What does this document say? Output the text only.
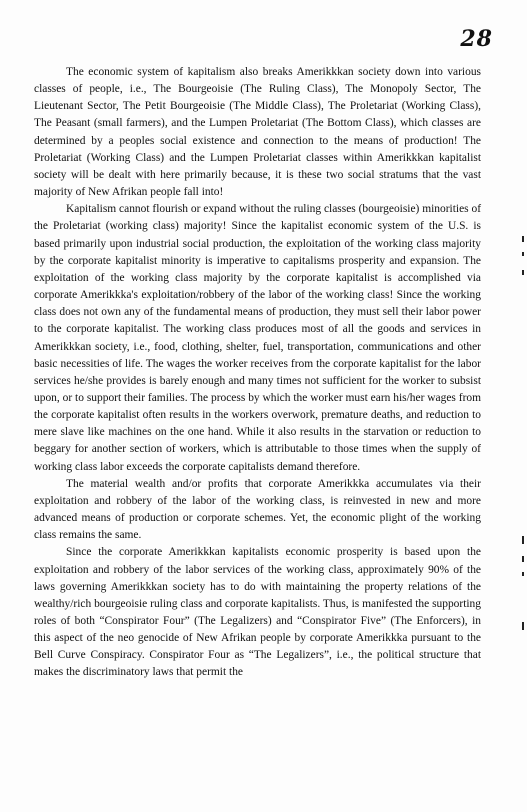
28

The economic system of kapitalism also breaks Amerikkkan society down into various classes of people, i.e., The Bourgeoisie (The Ruling Class), The Monopoly Sector, The Lieutenant Sector, The Petit Bourgeoisie (The Middle Class), The Proletariat (Working Class), The Peasant (small farmers), and the Lumpen Proletariat (The Bottom Class), which classes are determined by a peoples social existence and connection to the means of production! The Proletariat (Working Class) and the Lumpen Proletariat classes within Amerikkkan kapitalist society will be dealt with here primarily because, it is these two social stratums that the vast majority of New Afrikan people fall into!

Kapitalism cannot flourish or expand without the ruling classes (bourgeoisie) minorities of the Proletariat (working class) majority! Since the kapitalist economic system of the U.S. is based primarily upon industrial social production, the exploitation of the working class majority by the corporate kapitalist minority is imperative to capitalisms prosperity and expansion. The exploitation of the working class majority by the corporate kapitalist is accomplished via corporate Amerikkka's exploitation/robbery of the labor of the working class! Since the working class does not own any of the fundamental means of production, they must sell their labor power to the corporate kapitalist. The working class produces most of all the goods and services in Amerikkkan society, i.e., food, clothing, shelter, fuel, transportation, communications and other basic necessities of life. The wages the worker receives from the corporate kapitalist for the labor services he/she provides is barely enough and many times not sufficient for the worker to subsist upon, or to support their families. The process by which the worker must earn his/her wages from the corporate kapitalist often results in the workers overwork, premature deaths, and reduction to mere slave like machines on the one hand. While it also results in the starvation or reduction to beggary for another section of workers, which is attributable to those times when the supply of working class labor exceeds the corporate capitalists demand therefore.

The material wealth and/or profits that corporate Amerikkka accumulates via their exploitation and robbery of the labor of the working class, is reinvested in new and more advanced means of production or corporate schemes. Yet, the economic plight of the working class remains the same.

Since the corporate Amerikkkan kapitalists economic prosperity is based upon the exploitation and robbery of the labor services of the working class, approximately 90% of the laws governing Amerikkkan society has to do with maintaining the property relations of the wealthy/rich bourgeoisie ruling class and corporate kapitalists. Thus, is manifested the supporting roles of both “Conspirator Four” (The Legalizers) and “Conspirator Five” (The Enforcers), in this aspect of the neo genocide of New Afrikan people by corporate Amerikkka pursuant to the Bell Curve Conspiracy. Conspirator Four as “The Legalizers”, i.e., the political structure that makes the discriminatory laws that permit the
